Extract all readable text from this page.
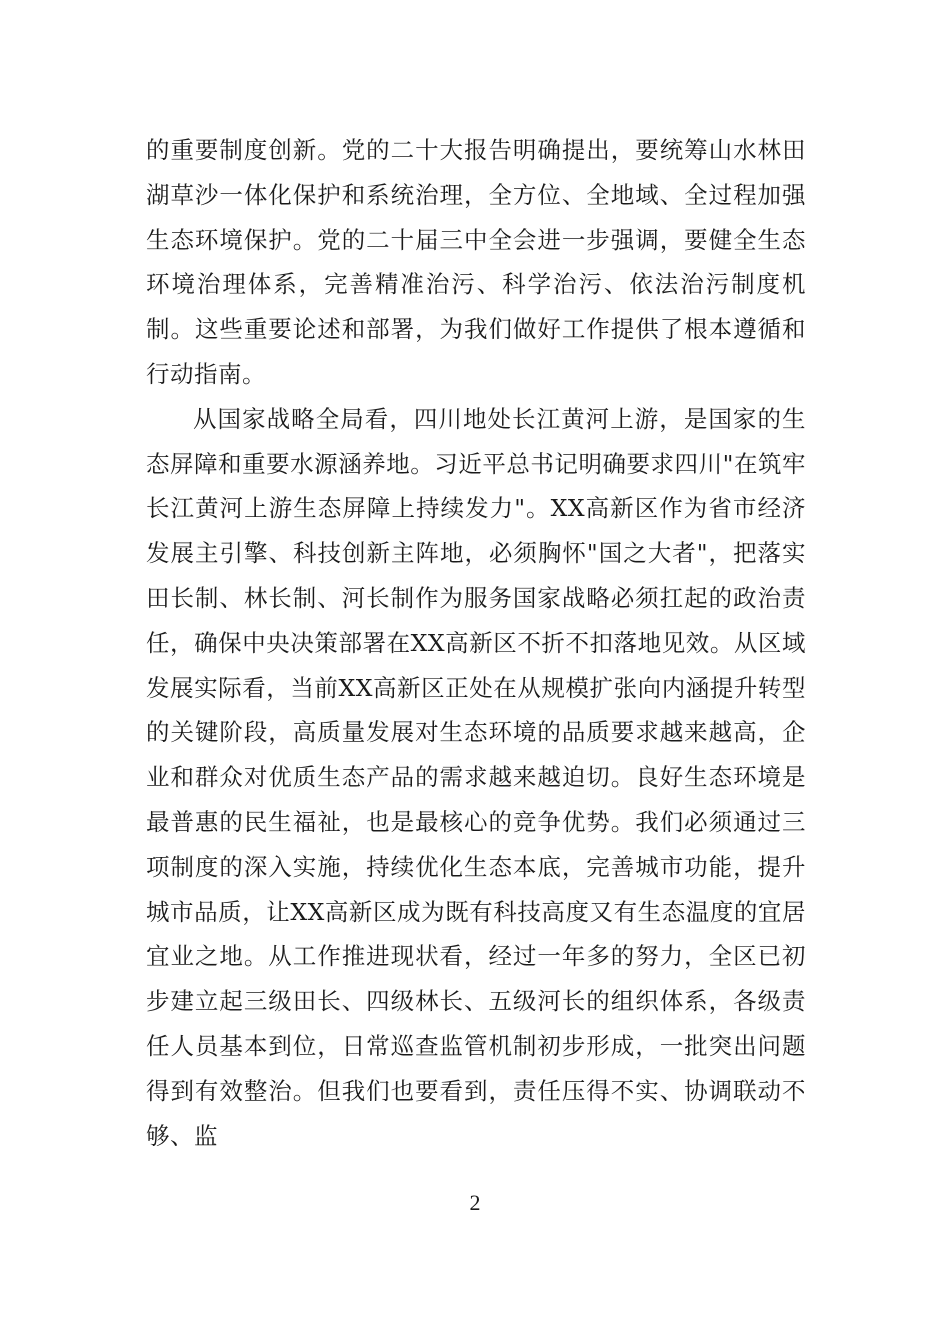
的重要制度创新。党的二十大报告明确提出，要统筹山水林田湖草沙一体化保护和系统治理，全方位、全地域、全过程加强生态环境保护。党的二十届三中全会进一步强调，要健全生态环境治理体系，完善精准治污、科学治污、依法治污制度机制。这些重要论述和部署，为我们做好工作提供了根本遵循和行动指南。

从国家战略全局看，四川地处长江黄河上游，是国家的生态屏障和重要水源涵养地。习近平总书记明确要求四川"在筑牢长江黄河上游生态屏障上持续发力"。XX高新区作为省市经济发展主引擎、科技创新主阵地，必须胸怀"国之大者"，把落实田长制、林长制、河长制作为服务国家战略必须扛起的政治责任，确保中央决策部署在XX高新区不折不扣落地见效。从区域发展实际看，当前XX高新区正处在从规模扩张向内涵提升转型的关键阶段，高质量发展对生态环境的品质要求越来越高，企业和群众对优质生态产品的需求越来越迫切。良好生态环境是最普惠的民生福祉，也是最核心的竞争优势。我们必须通过三项制度的深入实施，持续优化生态本底，完善城市功能，提升城市品质，让XX高新区成为既有科技高度又有生态温度的宜居宜业之地。从工作推进现状看，经过一年多的努力，全区已初步建立起三级田长、四级林长、五级河长的组织体系，各级责任人员基本到位，日常巡查监管机制初步形成，一批突出问题得到有效整治。但我们也要看到，责任压得不实、协调联动不够、监

2
